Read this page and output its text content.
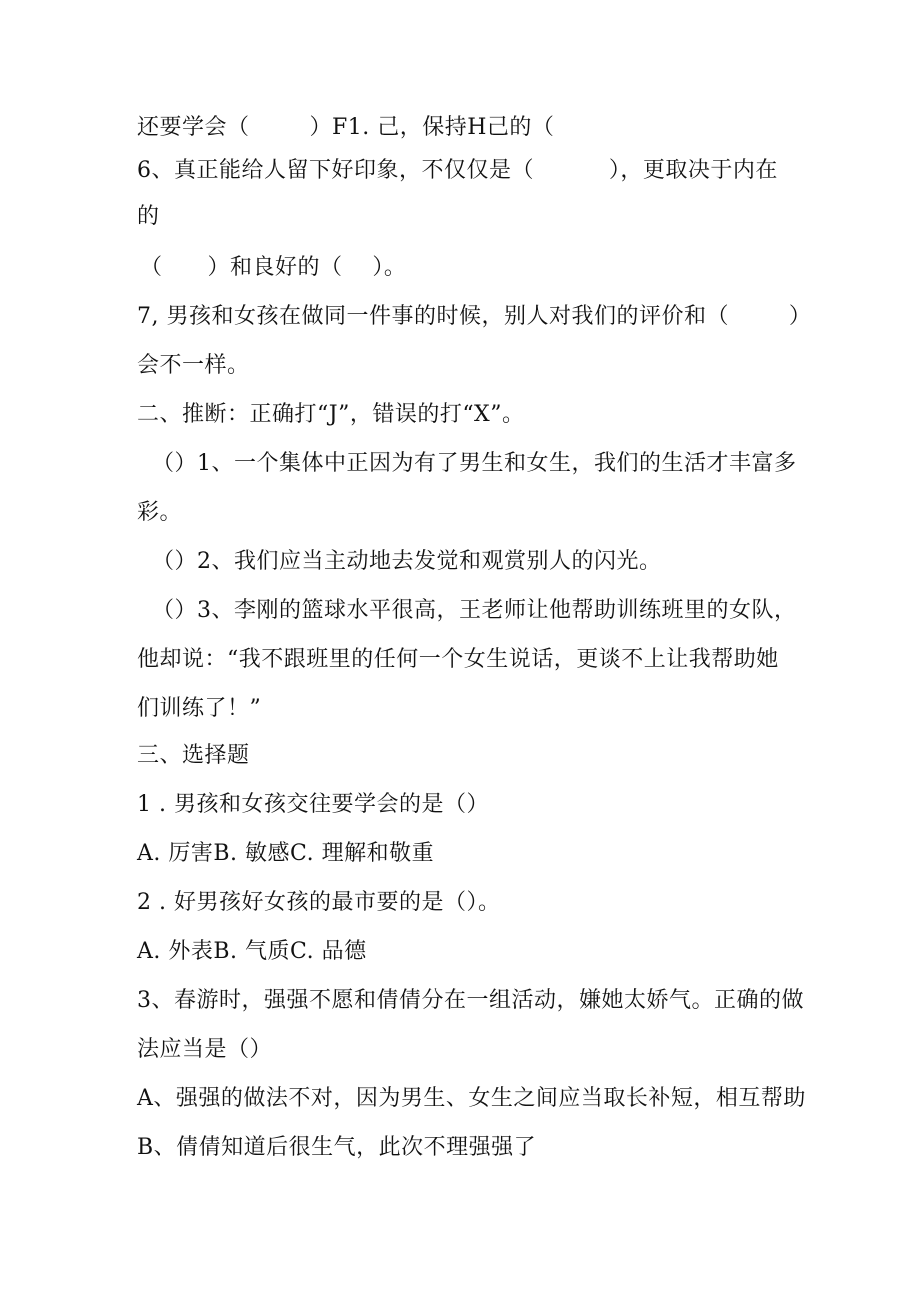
还要学会（        ）F1. 己，保持H己的（
6、真正能给人留下好印象，不仅仅是（          ），更取决于内在
的
（      ）和良好的（    ）。
7, 男孩和女孩在做同一件事的时候，别人对我们的评价和（        ）
会不一样。
二、推断：正确打“J”，错误的打“X”。
（）1、一个集体中正因为有了男生和女生，我们的生活才丰富多
彩。
（）2、我们应当主动地去发觉和观赏别人的闪光。
（）3、李刚的篮球水平很高，王老师让他帮助训练班里的女队，
他却说：“我不跟班里的任何一个女生说话，更谈不上让我帮助她
们训练了！”
三、选择题
1 . 男孩和女孩交往要学会的是（）
A. 厉害B. 敏感C. 理解和敬重
2 . 好男孩好女孩的最市要的是（）。
A. 外表B. 气质C. 品德
3、春游时，强强不愿和倩倩分在一组活动，嫌她太娇气。正确的做
法应当是（）
A、强强的做法不对，因为男生、女生之间应当取长补短，相互帮助
B、倩倩知道后很生气，此次不理强强了
